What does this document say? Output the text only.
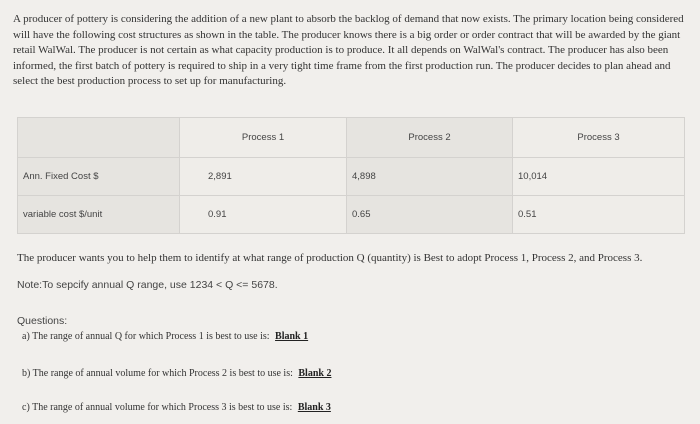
A producer of pottery is considering the addition of a new plant to absorb the backlog of demand that now exists. The primary location being considered

will have the following cost structures as shown in the table. The producer knows there is a big order or order contract that will be awarded by the giant

retail WalWal. The producer is not certain as what capacity production is to produce. It all depends on WalWal's contract. The producer has also been

informed, the first batch of pottery is required to ship in a very tight time frame from the first production run. The producer decides to plan ahead and

select the best production process to set up for manufacturing.

	Process 1	Process 2	Process 3
Ann. Fixed Cost $	2,891	4,898	10,014
variable cost $/unit	0.91	0.65	0.51
The producer wants you to help them to identify at what range of production Q (quantity) is Best to adopt Process 1, Process 2, and Process 3.
Note:To sepcify annual Q range, use 1234 < Q <= 5678.
Questions:
a) The range of annual Q for which Process 1 is best to use is: Blank 1
b) The range of annual volume for which Process 2 is best to use is: Blank 2
c) The range of annual volume for which Process 3 is best to use is: Blank 3
